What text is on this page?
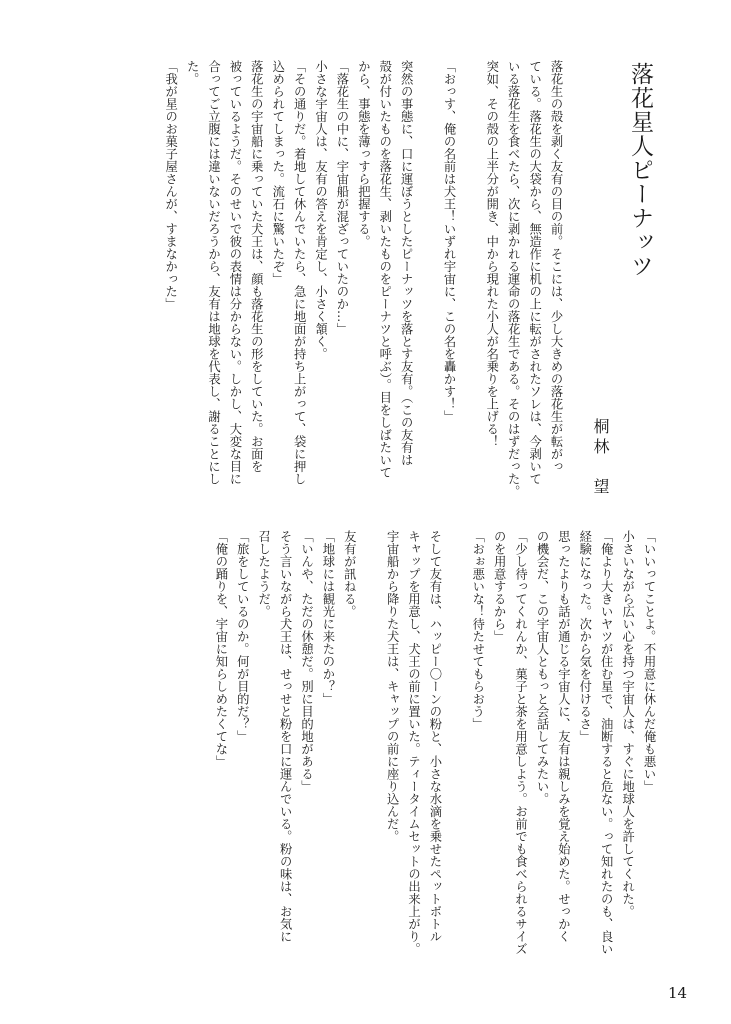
落花星人ピーナッツ
桐林　望
落花生の殻を剥く友有の目の前。そこには、少し大きめの落花生が転がっ
ている。落花生の大袋から、無造作に机の上に転がされたソレは、今剥いて
いる落花生を食べたら、次に剥かれる運命の落花生である。そのはずだった。
突如、その殻の上半分が開き、中から現れた小人が名乗りを上げる！
「おっす、俺の名前は犬王！いずれ宇宙に、この名を轟かす！」
突然の事態に、口に運ぼうとしたピーナッツを落とす友有。（この友有は
殻が付いたものを落花生、剥いたものをピーナツと呼ぶ）。目をしばたいて
から、事態を薄っすら把握する。
「落花生の中に、宇宙船が混ざっていたのか…」
小さな宇宙人は、友有の答えを肯定し、小さく頷く。
「その通りだ。着地して休んでいたら、急に地面が持ち上がって、袋に押し
込められてしまった。流石に驚いたぞ」
落花生の宇宙船に乗っていた犬王は、顔も落花生の形をしていた。お面を
被っているようだ。そのせいで彼の表情は分からない。しかし、大変な目に
合ってご立腹には違いないだろうから、友有は地球を代表し、謝ることにし
た。
「我が星のお菓子屋さんが、すまなかった」
「いいってことよ。不用意に休んだ俺も悪い」
小さいながら広い心を持つ宇宙人は、すぐに地球人を許してくれた。
「俺より大きいヤツが住む星で、油断すると危ない。って知れたのも、良い
経験になった。次から気を付けるさ」
思ったよりも話が通じる宇宙人に、友有は親しみを覚え始めた。せっかく
の機会だ、この宇宙人ともっと会話してみたい。
「少し待ってくれんか、菓子と茶を用意しよう。お前でも食べられるサイズ
のを用意するから」
「おぉ悪いな！待たせてもらおう」
そして友有は、ハッピー〇ーンの粉と、小さな水滴を乗せたペットボトル
キャップを用意し、犬王の前に置いた。ティータイムセットの出来上がり。
宇宙船から降りた犬王は、キャップの前に座り込んだ。
友有が訊ねる。
「地球には観光に来たのか？」
「いんや、ただの休憩だ。別に目的地がある」
そう言いながら犬王は、せっせと粉を口に運んでいる。粉の味は、お気に
召したようだ。
「旅をしているのか。何が目的だ？」
「俺の踊りを、宇宙に知らしめたくてな」
14
